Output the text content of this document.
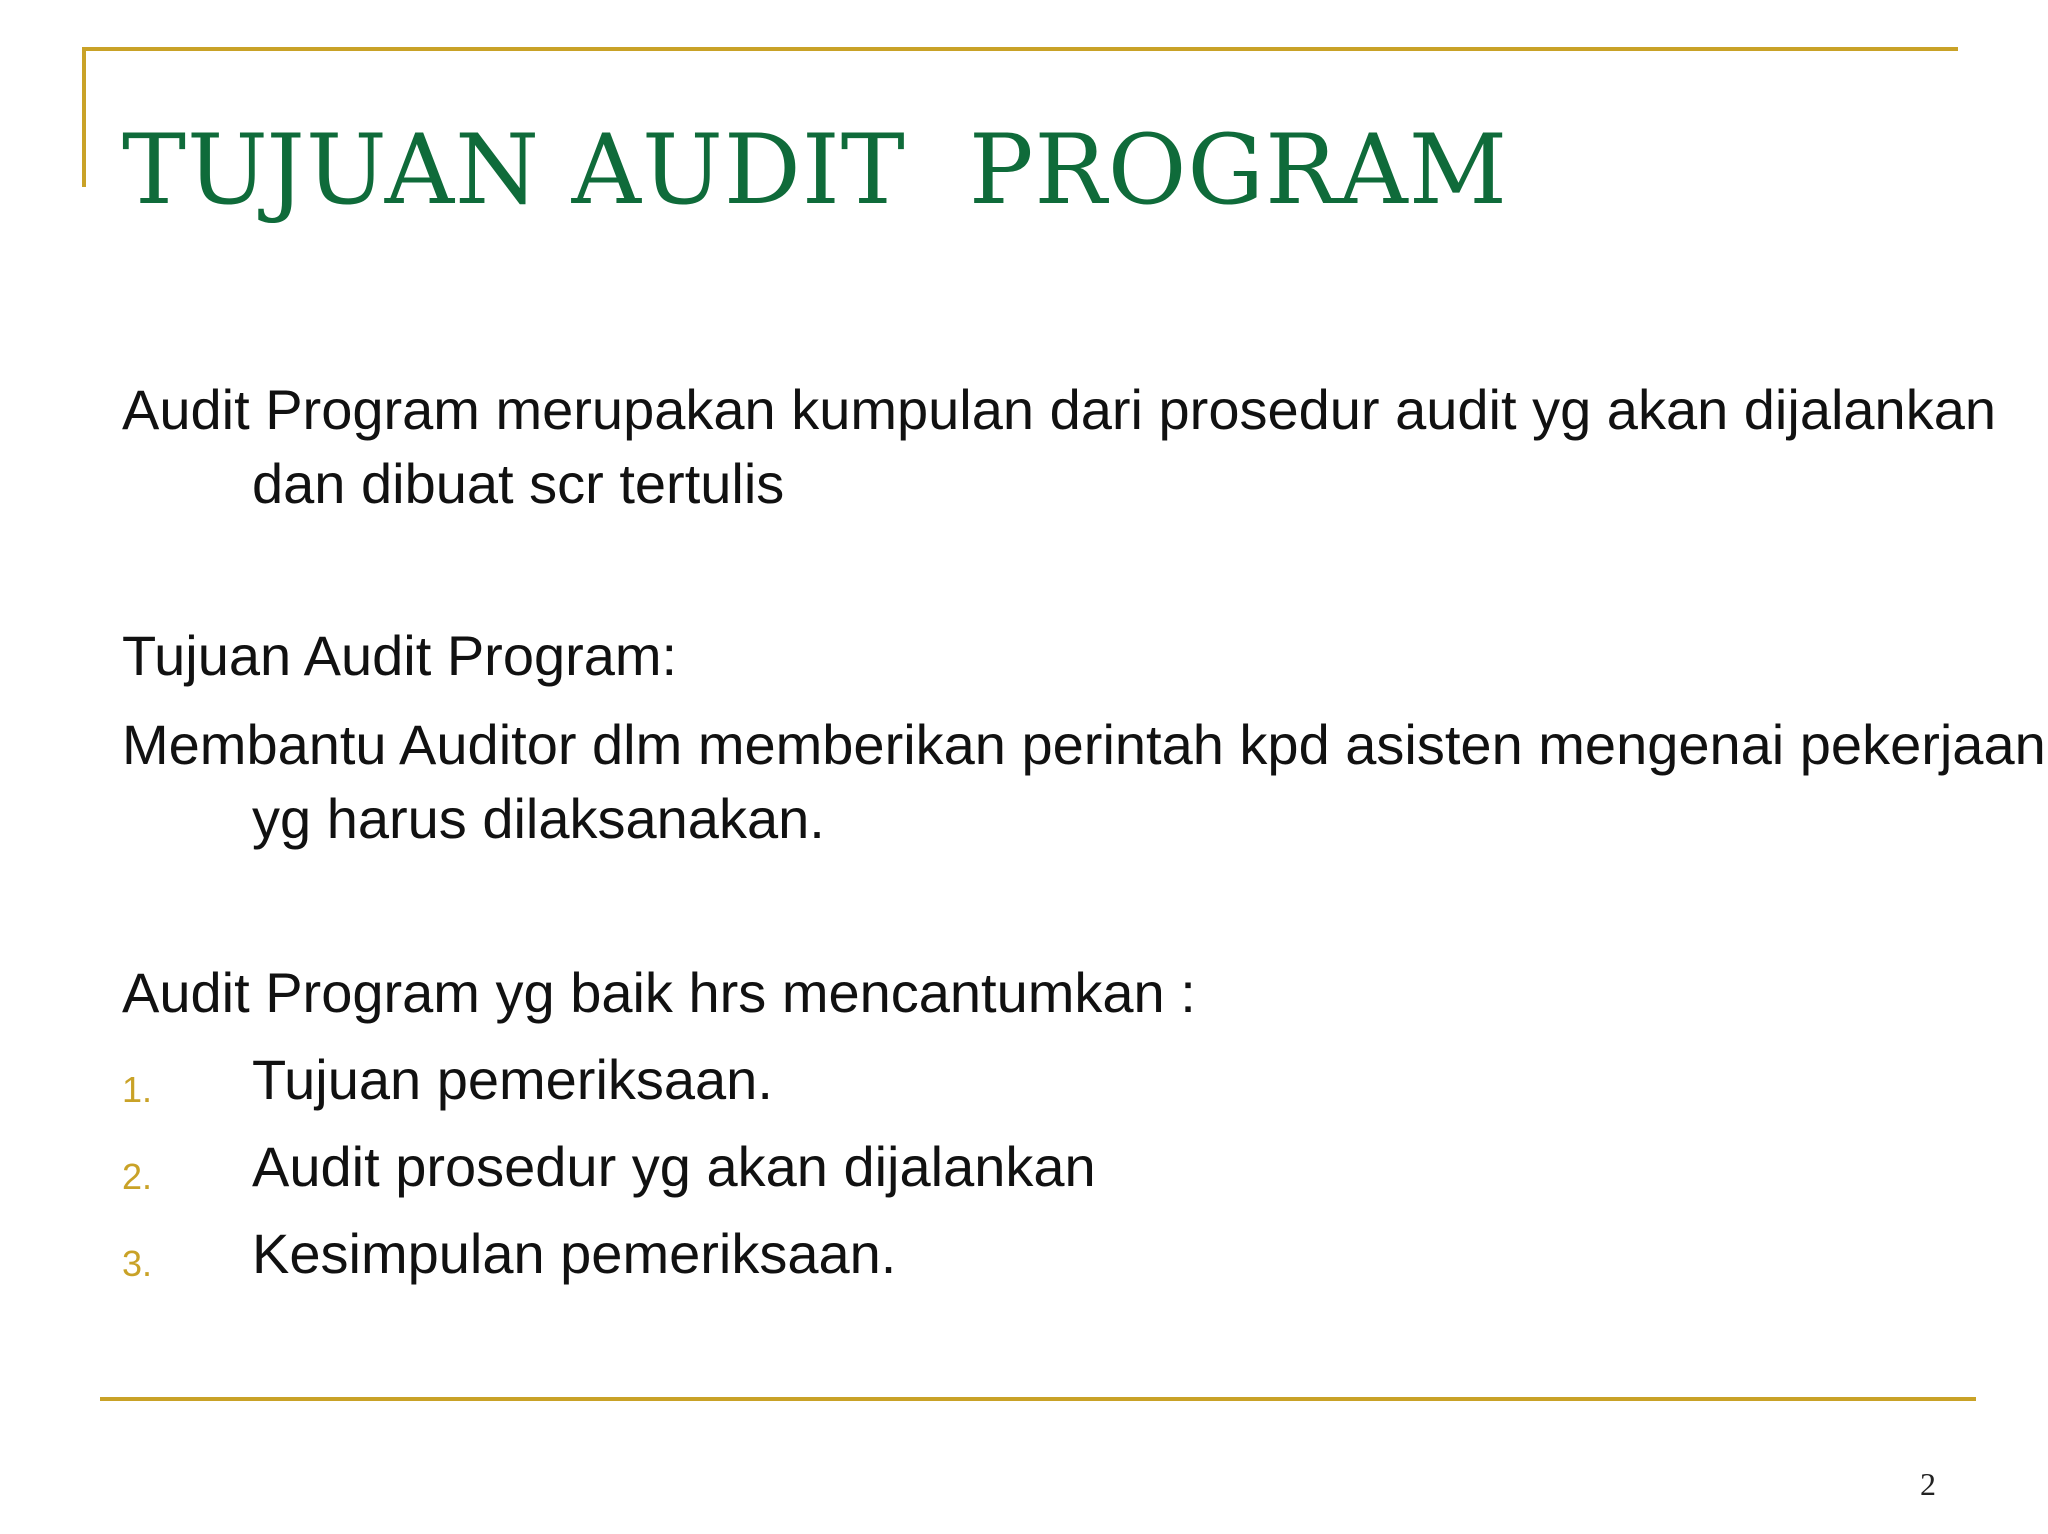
TUJUAN AUDIT  PROGRAM

Audit Program merupakan kumpulan dari prosedur audit yg akan dijalankan dan dibuat scr tertulis

Tujuan Audit Program:

Membantu Auditor dlm memberikan perintah kpd asisten mengenai pekerjaan yg harus dilaksanakan.

Audit Program yg baik hrs mencantumkan :

1. Tujuan pemeriksaan.
2. Audit prosedur yg akan dijalankan
3. Kesimpulan pemeriksaan.
2
